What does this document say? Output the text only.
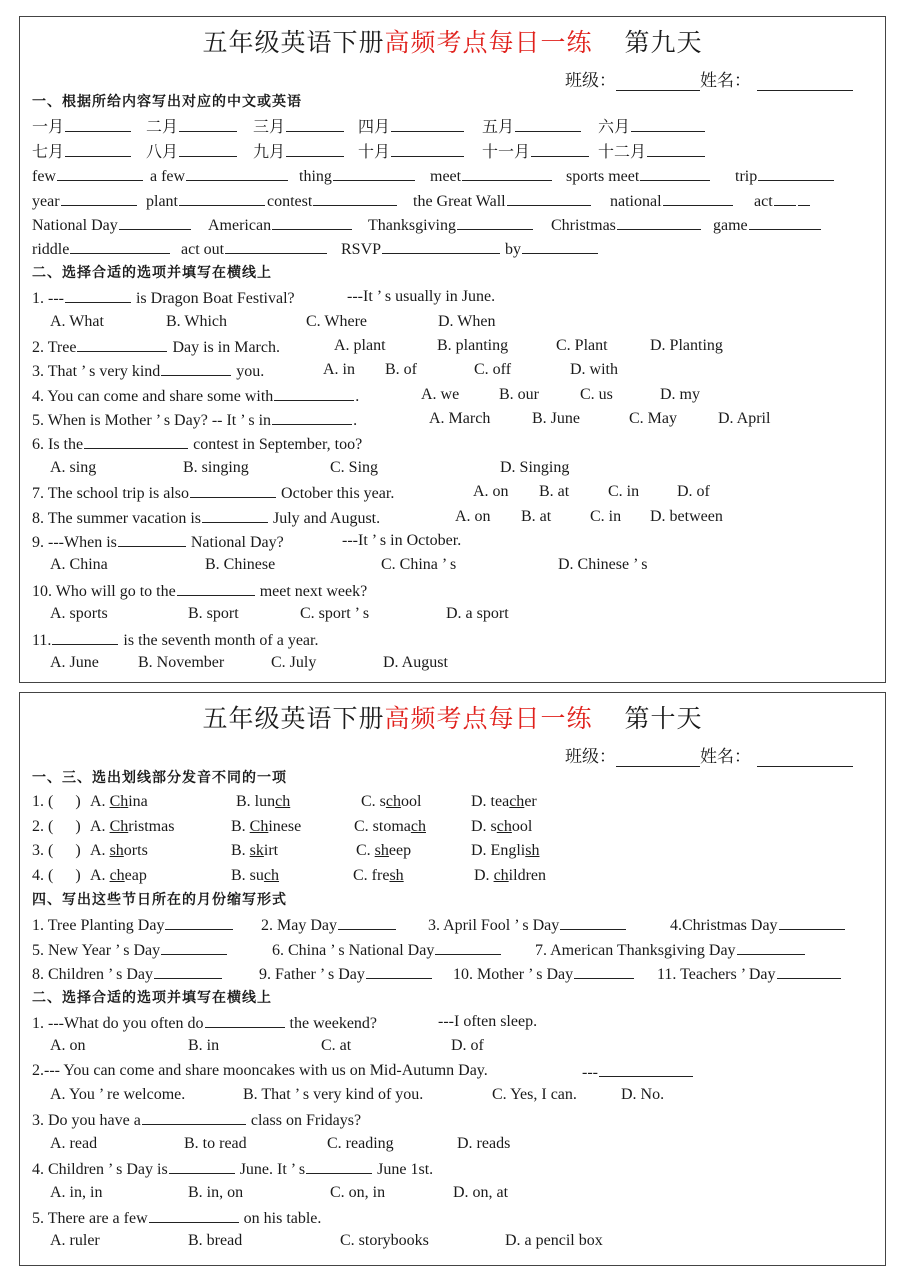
五年级英语下册高频考点每日一练 第九天
班级：	姓名：
一、根据所给内容写出对应的中文或英语
一月	二月	三月	四月	五月	六月
七月	八月	九月	十月	十一月	十二月
few	a few	thing	meet	sports meet	trip
year	plant	contest	the Great Wall	national	act
National Day	American	Thanksgiving	Christmas	game
riddle	act out	RSVP	by
二、选择合适的选项并填写在横线上
1. ---	is Dragon Boat Festival?	---It ’ s usually in June.
A. What	B. Which	C. Where	D. When
2. Tree	Day is in March.	A. plant	B. planting	C. Plant	D. Planting
3. That ’ s very kind	you.	A. in B. of	C. off	D. with
4. You can come and share some with	.	A. we B. our	C. us	D. my
5. When is Mother ’ s Day? -- It ’ s in	.	A. March	B. June	C. May	D. April
6. Is the	contest in September, too?
A. sing	B. singing	C. Sing	D. Singing
7. The school trip is also	October this year.	A. on B. at C. in D. of
8. The summer vacation is	July and August.	A. on B. at C. in D. between
9. ---When is	National Day?	---It ’ s in October.
A. China	B. Chinese	C. China ’ s	D. Chinese ’ s
10. Who will go to the	meet next week?
A. sports	B. sport	C. sport ’ s	D. a sport
11.	is the seventh month of a year.
A. June B. November	C. July	D. August
五年级英语下册高频考点每日一练 第十天
班级：	姓名：
一、三、选出划线部分发音不同的一项
1. ( ) A. China	B. lunch	C. school	D. teacher
2. ( ) A. Christmas	B. Chinese	C. stomach	D. school
3. ( ) A. shorts	B. skirt	C. sheep	D. English
4. ( ) A. cheap	B. such	C. fresh	D. children
四、写出这些节日所在的月份缩写形式
1. Tree Planting Day	2. May Day	3. April Fool ’ s Day	4.Christmas Day
5. New Year ’ s Day	6. China ’ s National Day	7. American Thanksgiving Day
8. Children ’ s Day	9. Father ’ s Day	10. Mother ’ s Day	11. Teachers ’ Day
二、选择合适的选项并填写在横线上
1. ---What do you often do	the weekend?	---I often sleep.
A. on	B. in	C. at	D. of
2.--- You can come and share mooncakes with us on Mid-Autumn Day.	---
A. You ’ re welcome.	B. That ’ s very kind of you.	C. Yes, I can.	D. No.
3. Do you have a	class on Fridays?
A. read	B. to read	C. reading	D. reads
4. Children ’ s Day is	June. It ’ s	June 1st.
A. in, in	B. in, on	C. on, in	D. on, at
5. There are a few	on his table.
A. ruler	B. bread	C. storybooks	D. a pencil box
